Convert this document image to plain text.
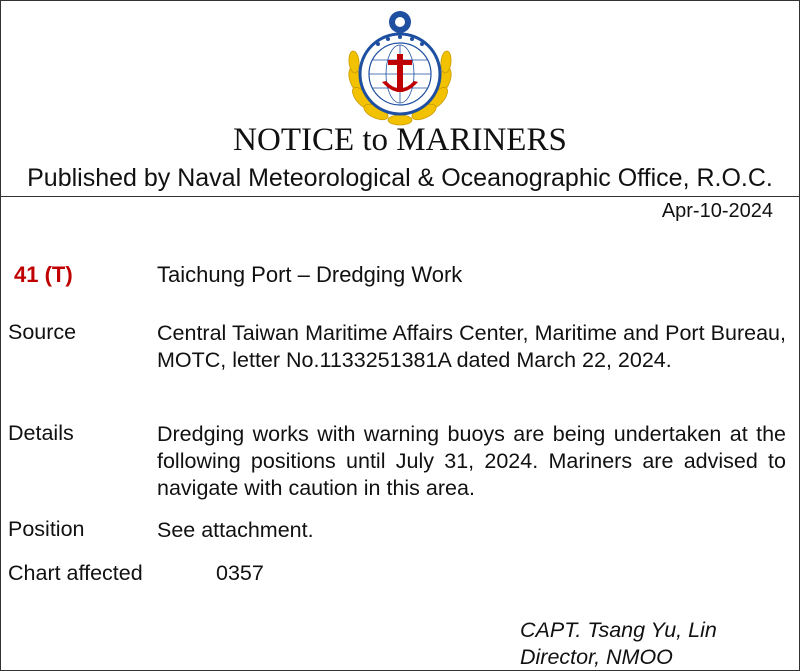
NOTICE to MARINERS
Published by Naval Meteorological & Oceanographic Office, R.O.C.
Apr-10-2024
41 (T)	Taichung Port – Dredging Work
Source	Central Taiwan Maritime Affairs Center, Maritime and Port Bureau, MOTC, letter No.1133251381A dated March 22, 2024.
Details	Dredging works with warning buoys are being undertaken at the following positions until July 31, 2024. Mariners are advised to navigate with caution in this area.
Position	See attachment.
Chart affected	0357
CAPT. Tsang Yu, Lin
Director, NMOO
